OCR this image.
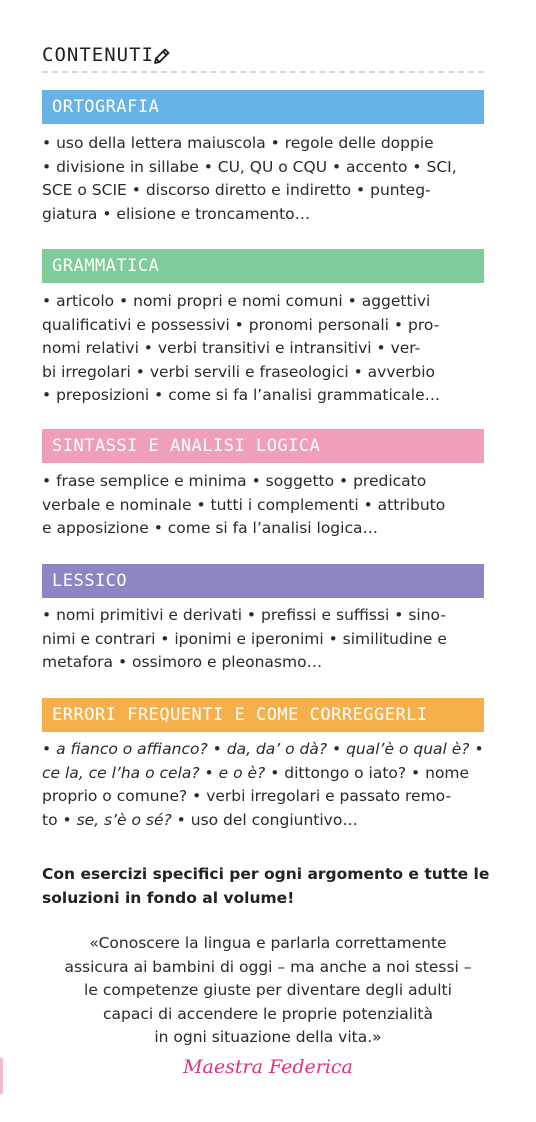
CONTENUTI
ORTOGRAFIA
• uso della lettera maiuscola • regole delle doppie
• divisione in sillabe • CU, QU o CQU • accento • SCI,
SCE o SCIE • discorso diretto e indiretto • punteg-
giatura • elisione e troncamento…
GRAMMATICA
• articolo • nomi propri e nomi comuni • aggettivi
qualificativi e possessivi • pronomi personali • pro-
nomi relativi • verbi transitivi e intransitivi • ver-
bi irregolari • verbi servili e fraseologici • avverbio
• preposizioni • come si fa l’analisi grammaticale…
SINTASSI E ANALISI LOGICA
• frase semplice e minima • soggetto • predicato
verbale e nominale • tutti i complementi • attributo
e apposizione • come si fa l’analisi logica…
LESSICO
• nomi primitivi e derivati • prefissi e suffissi • sino-
nimi e contrari • iponimi e iperonimi • similitudine e
metafora • ossimoro e pleonasmo…
ERRORI FREQUENTI E COME CORREGGERLI
• a fianco o affianco? • da, da’ o dà? • qual’è o qual è? •
ce la, ce l’ha o cela? • e o è? • dittongo o iato? • nome
proprio o comune? • verbi irregolari e passato remo-
to • se, s’è o sé? • uso del congiuntivo…
Con esercizi specifici per ogni argomento e tutte le
soluzioni in fondo al volume!
«Conoscere la lingua e parlarla correttamente
assicura ai bambini di oggi – ma anche a noi stessi –
le competenze giuste per diventare degli adulti
capaci di accendere le proprie potenzialità
in ogni situazione della vita.»
Maestra Federica
